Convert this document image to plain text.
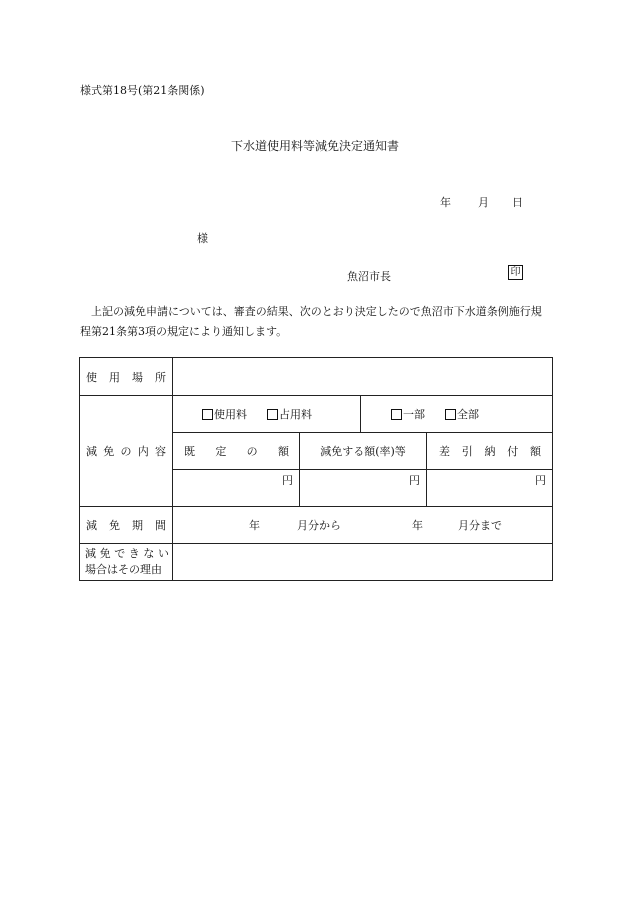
様式第18号(第21条関係)
下水道使用料等減免決定通知書
年 月 日
様
魚沼市長	印
上記の減免申請については、審査の結果、次のとおり決定したので魚沼市下水道条例施行規程第21条第3項の規定により通知します。
使 用 場 所
減 免 の 内 容
使用料	占用料	一部	全部
既 定 の 額	減免する額(率)等	差 引 納 付 額
円	円	円
減 免 期 間	年	月分から	年	月分まで
減 免 で き な い
場合はその理由
